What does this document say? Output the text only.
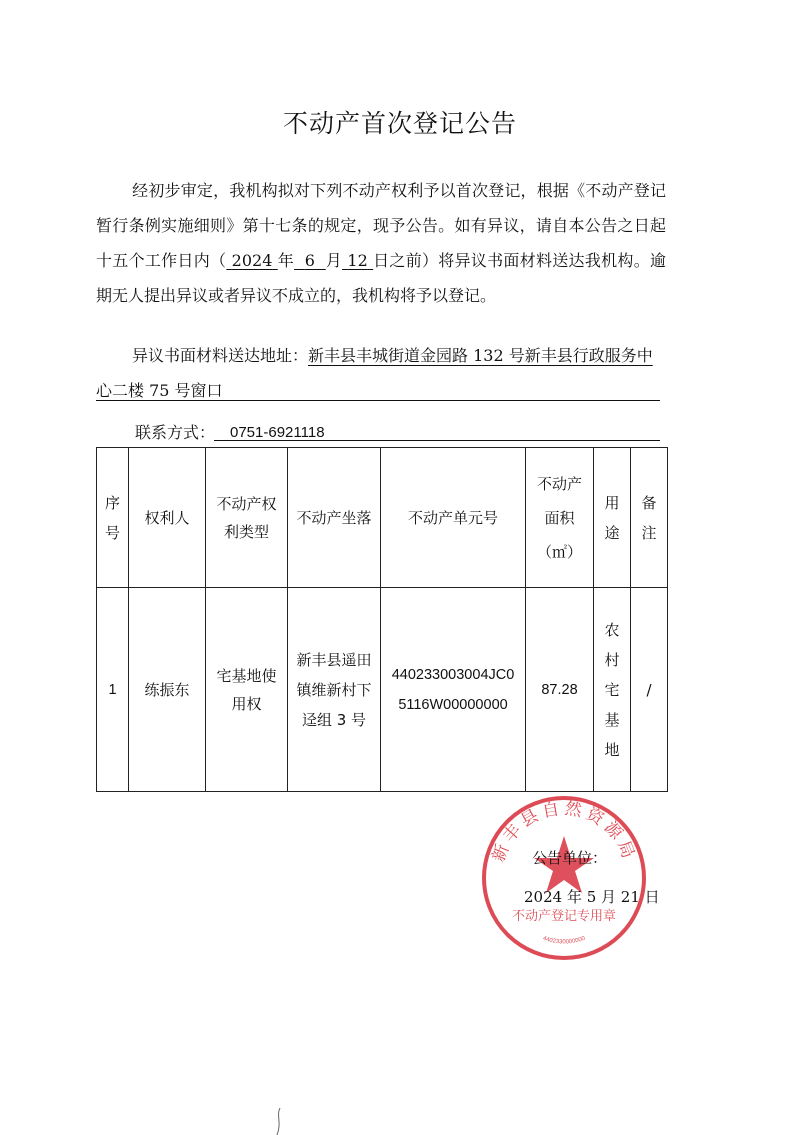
不动产首次登记公告
经初步审定，我机构拟对下列不动产权利予以首次登记，根据《不动产登记暂行条例实施细则》第十七条的规定，现予公告。如有异议，请自本公告之日起十五个工作日内（ 2024 年 6 月 12 日之前）将异议书面材料送达我机构。逾期无人提出异议或者异议不成立的，我机构将予以登记。
异议书面材料送达地址：新丰县丰城街道金园路 132 号新丰县行政服务中心二楼 75 号窗口
联系方式： 0751-6921118
序号	权利人	不动产权利类型	不动产坐落	不动产单元号	不动产面积（㎡）	用途	备注
1	练振东	宅基地使用权	新丰县遥田镇维新村下迳组 3 号	440233003004JC05116W00000000	87.28	农村宅基地	/
新丰县自然资源局
不动产登记专用章
4402330000000
公告单位：
2024 年 5 月 21 日
